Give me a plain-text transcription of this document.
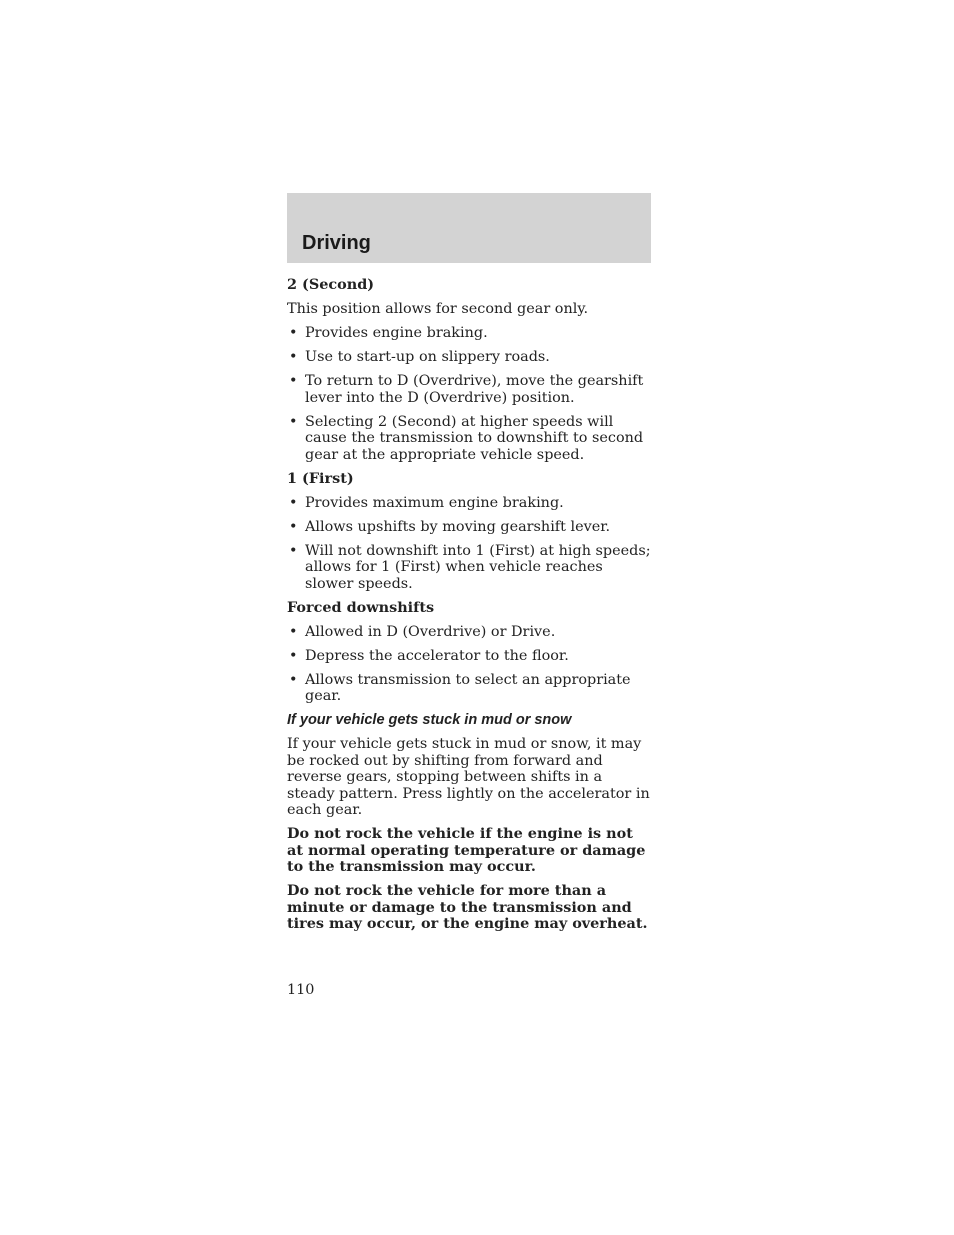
Driving

2 (Second)

This position allows for second gear only.

• Provides engine braking.
• Use to start-up on slippery roads.
• To return to D (Overdrive), move the gearshift lever into the D (Overdrive) position.
• Selecting 2 (Second) at higher speeds will cause the transmission to downshift to second gear at the appropriate vehicle speed.

1 (First)

• Provides maximum engine braking.
• Allows upshifts by moving gearshift lever.
• Will not downshift into 1 (First) at high speeds; allows for 1 (First) when vehicle reaches slower speeds.

Forced downshifts

• Allowed in D (Overdrive) or Drive.
• Depress the accelerator to the floor.
• Allows transmission to select an appropriate gear.

If your vehicle gets stuck in mud or snow

If your vehicle gets stuck in mud or snow, it may be rocked out by shifting from forward and reverse gears, stopping between shifts in a steady pattern. Press lightly on the accelerator in each gear.

Do not rock the vehicle if the engine is not at normal operating temperature or damage to the transmission may occur.

Do not rock the vehicle for more than a minute or damage to the transmission and tires may occur, or the engine may overheat.

110
